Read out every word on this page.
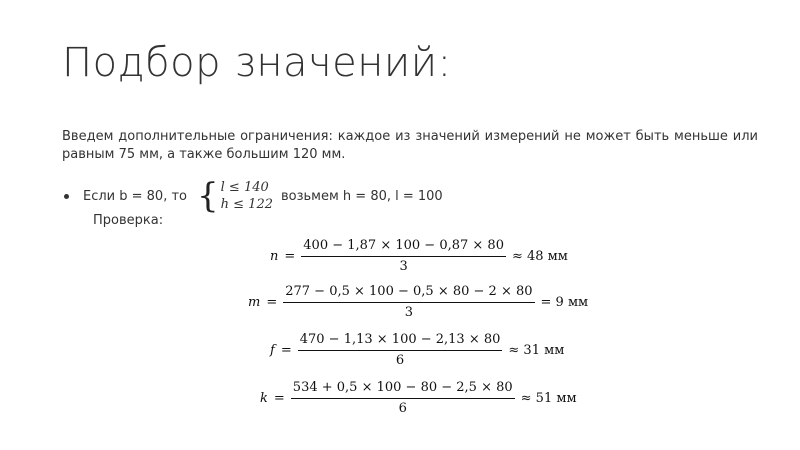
Подбор значений:
Введем дополнительные ограничения: каждое из значений измерений не может быть меньше или равным 75 мм, а также большим 120 мм.
Если b = 80, то { l ≤ 140
h ≤ 122
возьмем h = 80, l = 100
Проверка:
$n = \frac{400 - 1,87 \times 100 - 0,87 \times 80}{3} \approx 48$ мм
$m = \frac{277 - 0,5 \times 100 - 0,5 \times 80 - 2 \times 80}{3} = 9$ мм
$f = \frac{470 - 1,13 \times 100 - 2,13 \times 80}{6} \approx 31$ мм
$k = \frac{534 + 0,5 \times 100 - 80 - 2,5 \times 80}{6} \approx 51$ мм
